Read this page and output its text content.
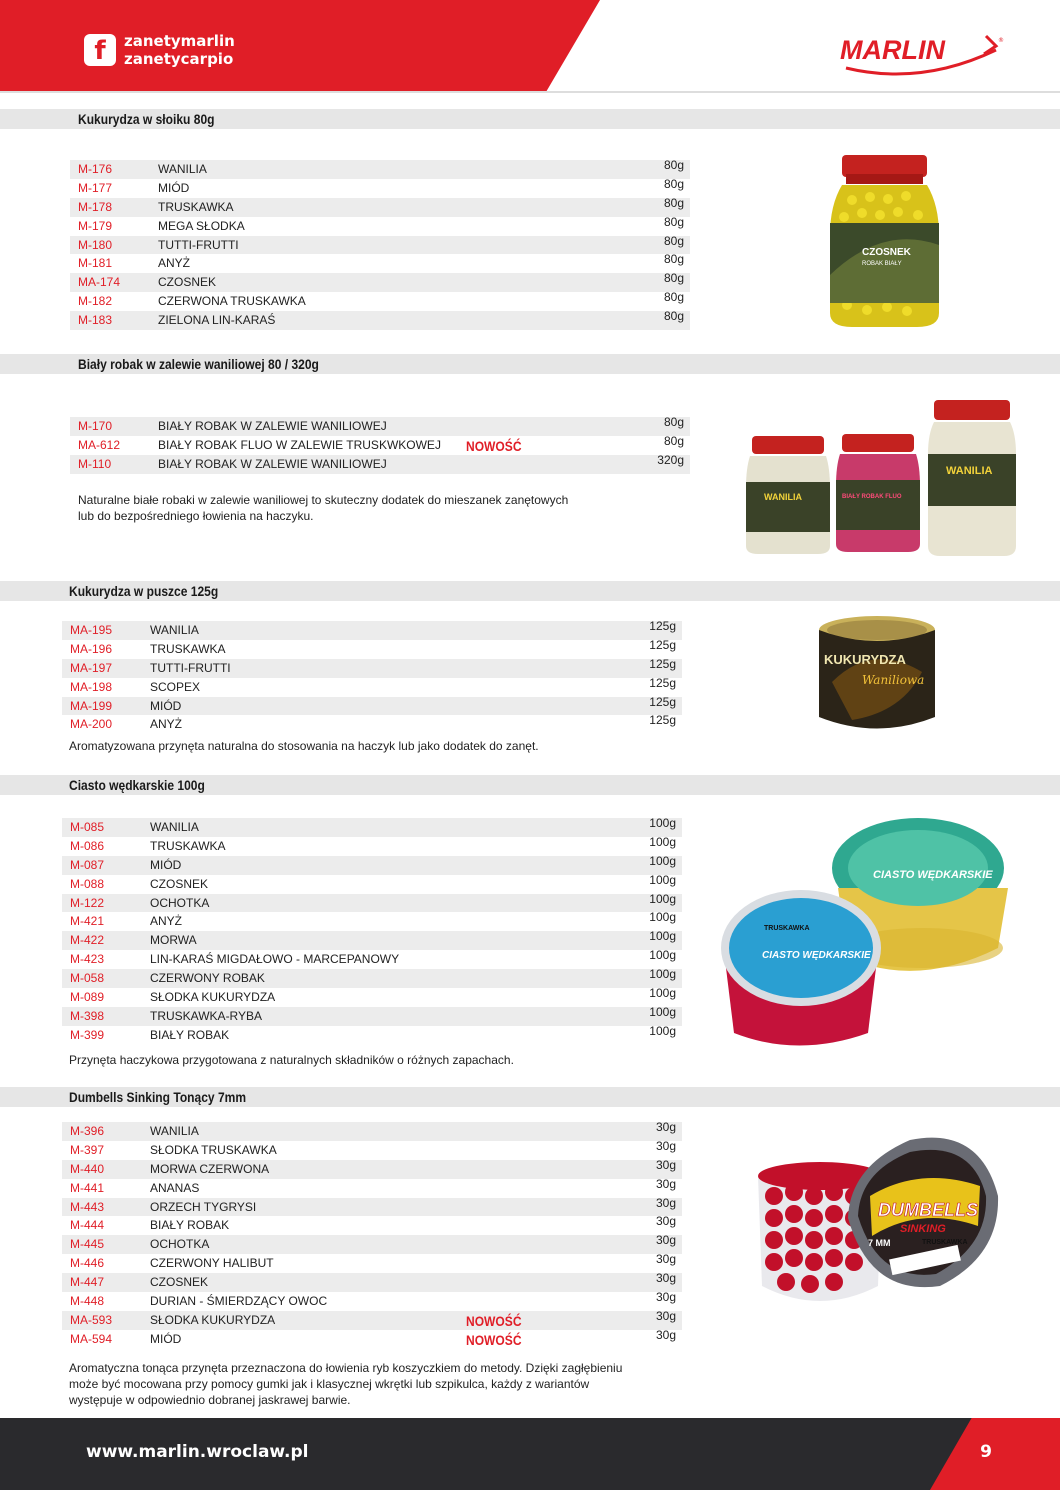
f	zanetymarlin
zanetycarpio	MARLIN	®
Kukurydza w słoiku 80g
M-176	WANILIA	80g
M-177	MIÓD	80g
M-178	TRUSKAWKA	80g
M-179	MEGA SŁODKA	80g
M-180	TUTTI-FRUTTI	80g
M-181	ANYŻ	80g
MA-174	CZOSNEK	80g
M-182	CZERWONA TRUSKAWKA	80g
M-183	ZIELONA LIN-KARAŚ	80g
CZOSNEK
ROBAK BIAŁY
Biały robak w zalewie waniliowej 80 / 320g
M-170	BIAŁY ROBAK W ZALEWIE WANILIOWEJ	80g
MA-612	BIAŁY ROBAK FLUO W ZALEWIE TRUSKWKOWEJ NOWOŚĆ	80g
M-110	BIAŁY ROBAK W ZALEWIE WANILIOWEJ	320g
Naturalne białe robaki w zalewie waniliowej to skuteczny dodatek do mieszanek zanętowych
lub do bezpośredniego łowienia na haczyku.
WANILIA	BIAŁY ROBAK FLUO
WANILIA
Kukurydza w puszce 125g
MA-195	WANILIA	125g
MA-196	TRUSKAWKA	125g
MA-197	TUTTI-FRUTTI	125g
MA-198	SCOPEX	125g
MA-199	MIÓD	125g
MA-200	ANYŻ	125g
Aromatyzowana przynęta naturalna do stosowania na haczyk lub jako dodatek do zanęt.
KUKURYDZA
Waniliowa
Ciasto wędkarskie 100g
M-085	WANILIA	100g
M-086	TRUSKAWKA	100g
M-087	MIÓD	100g
M-088	CZOSNEK	100g
M-122	OCHOTKA	100g
M-421	ANYŻ	100g
M-422	MORWA	100g
M-423	LIN-KARAŚ MIGDAŁOWO - MARCEPANOWY	100g
M-058	CZERWONY ROBAK	100g
M-089	SŁODKA KUKURYDZA	100g
M-398	TRUSKAWKA-RYBA	100g
M-399	BIAŁY ROBAK	100g
Przynęta haczykowa przygotowana z naturalnych składników o różnych zapachach.
CIASTO WĘDKARSKIE
CIASTO WĘDKARSKIE
TRUSKAWKA
Dumbells Sinking Tonący 7mm
M-396	WANILIA	30g
M-397	SŁODKA TRUSKAWKA	30g
M-440	MORWA CZERWONA	30g
M-441	ANANAS	30g
M-443	ORZECH TYGRYSI	30g
M-444	BIAŁY ROBAK	30g
M-445	OCHOTKA	30g
M-446	CZERWONY HALIBUT	30g
M-447	CZOSNEK	30g
M-448	DURIAN - ŚMIERDZĄCY OWOC	30g
MA-593	SŁODKA KUKURYDZA	NOWOŚĆ	30g
MA-594	MIÓD	NOWOŚĆ	30g
Aromatyczna tonąca przynęta przeznaczona do łowienia ryb koszyczkiem do metody. Dzięki zagłębieniu
może być mocowana przy pomocy gumki jak i klasycznej wkrętki lub szpikulca, każdy z wariantów
występuje w odpowiednio dobranej jaskrawej barwie.
DUMBELLS
SINKING
TRUSKAWKA
7 MM
www.marlin.wroclaw.pl	9
